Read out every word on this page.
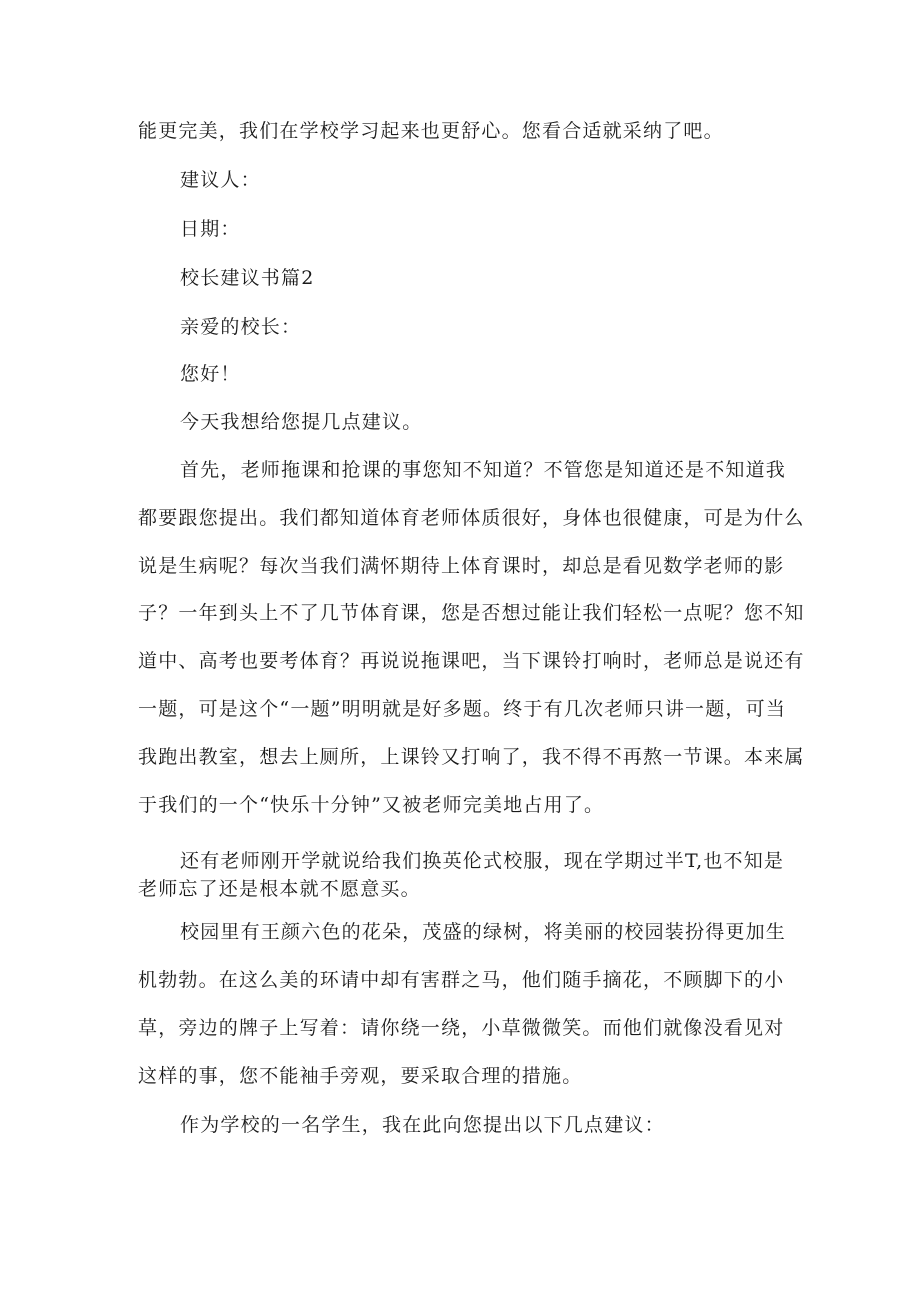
能更完美，我们在学校学习起来也更舒心。您看合适就采纳了吧。
建议人：
日期：
校长建议书篇2
亲爱的校长：
您好！
今天我想给您提几点建议。
首先，老师拖课和抢课的事您知不知道？不管您是知道还是不知道我
都要跟您提出。我们都知道体育老师体质很好，身体也很健康，可是为什么
说是生病呢？每次当我们满怀期待上体育课时，却总是看见数学老师的影
子？一年到头上不了几节体育课，您是否想过能让我们轻松一点呢？您不知
道中、高考也要考体育？再说说拖课吧，当下课铃打响时，老师总是说还有
一题，可是这个“一题”明明就是好多题。终于有几次老师只讲一题，可当
我跑出教室，想去上厕所，上课铃又打响了，我不得不再熬一节课。本来属
于我们的一个“快乐十分钟”又被老师完美地占用了。
还有老师刚开学就说给我们换英伦式校服，现在学期过半T,也不知是
老师忘了还是根本就不愿意买。
校园里有王颜六色的花朵，茂盛的绿树，将美丽的校园装扮得更加生
机勃勃。在这么美的环请中却有害群之马，他们随手摘花，不顾脚下的小
草，旁边的牌子上写着：请你绕一绕，小草微微笑。而他们就像没看见对
这样的事，您不能袖手旁观，要采取合理的措施。
作为学校的一名学生，我在此向您提出以下几点建议：
